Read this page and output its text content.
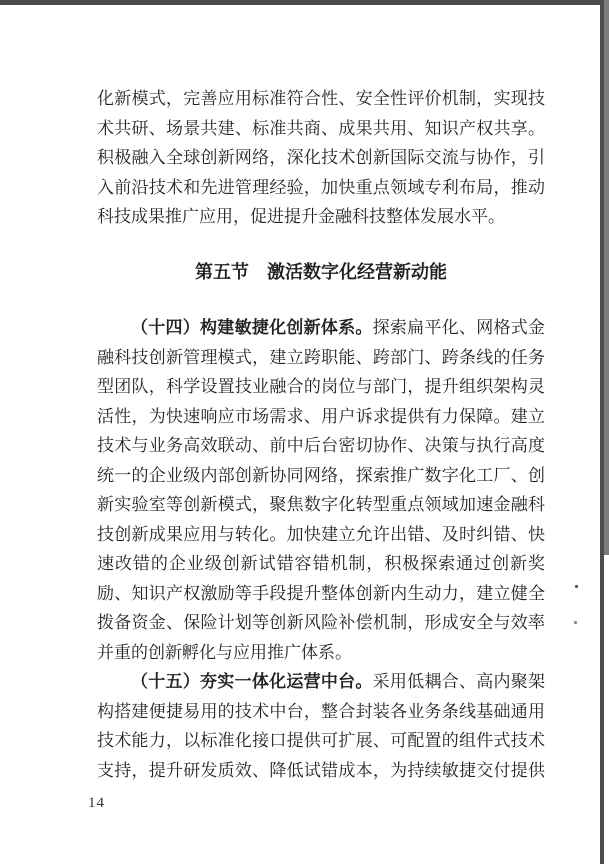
化新模式，完善应用标准符合性、安全性评价机制，实现技
术共研、场景共建、标准共商、成果共用、知识产权共享。
积极融入全球创新网络，深化技术创新国际交流与协作，引
入前沿技术和先进管理经验，加快重点领域专利布局，推动
科技成果推广应用，促进提升金融科技整体发展水平。
第五节　激活数字化经营新动能
（十四）构建敏捷化创新体系。探索扁平化、网格式金
融科技创新管理模式，建立跨职能、跨部门、跨条线的任务
型团队，科学设置技业融合的岗位与部门，提升组织架构灵
活性，为快速响应市场需求、用户诉求提供有力保障。建立
技术与业务高效联动、前中后台密切协作、决策与执行高度
统一的企业级内部创新协同网络，探索推广数字化工厂、创
新实验室等创新模式，聚焦数字化转型重点领域加速金融科
技创新成果应用与转化。加快建立允许出错、及时纠错、快
速改错的企业级创新试错容错机制，积极探索通过创新奖
励、知识产权激励等手段提升整体创新内生动力，建立健全
拨备资金、保险计划等创新风险补偿机制，形成安全与效率
并重的创新孵化与应用推广体系。
（十五）夯实一体化运营中台。采用低耦合、高内聚架
构搭建便捷易用的技术中台，整合封装各业务条线基础通用
技术能力，以标准化接口提供可扩展、可配置的组件式技术
支持，提升研发质效、降低试错成本，为持续敏捷交付提供
14
